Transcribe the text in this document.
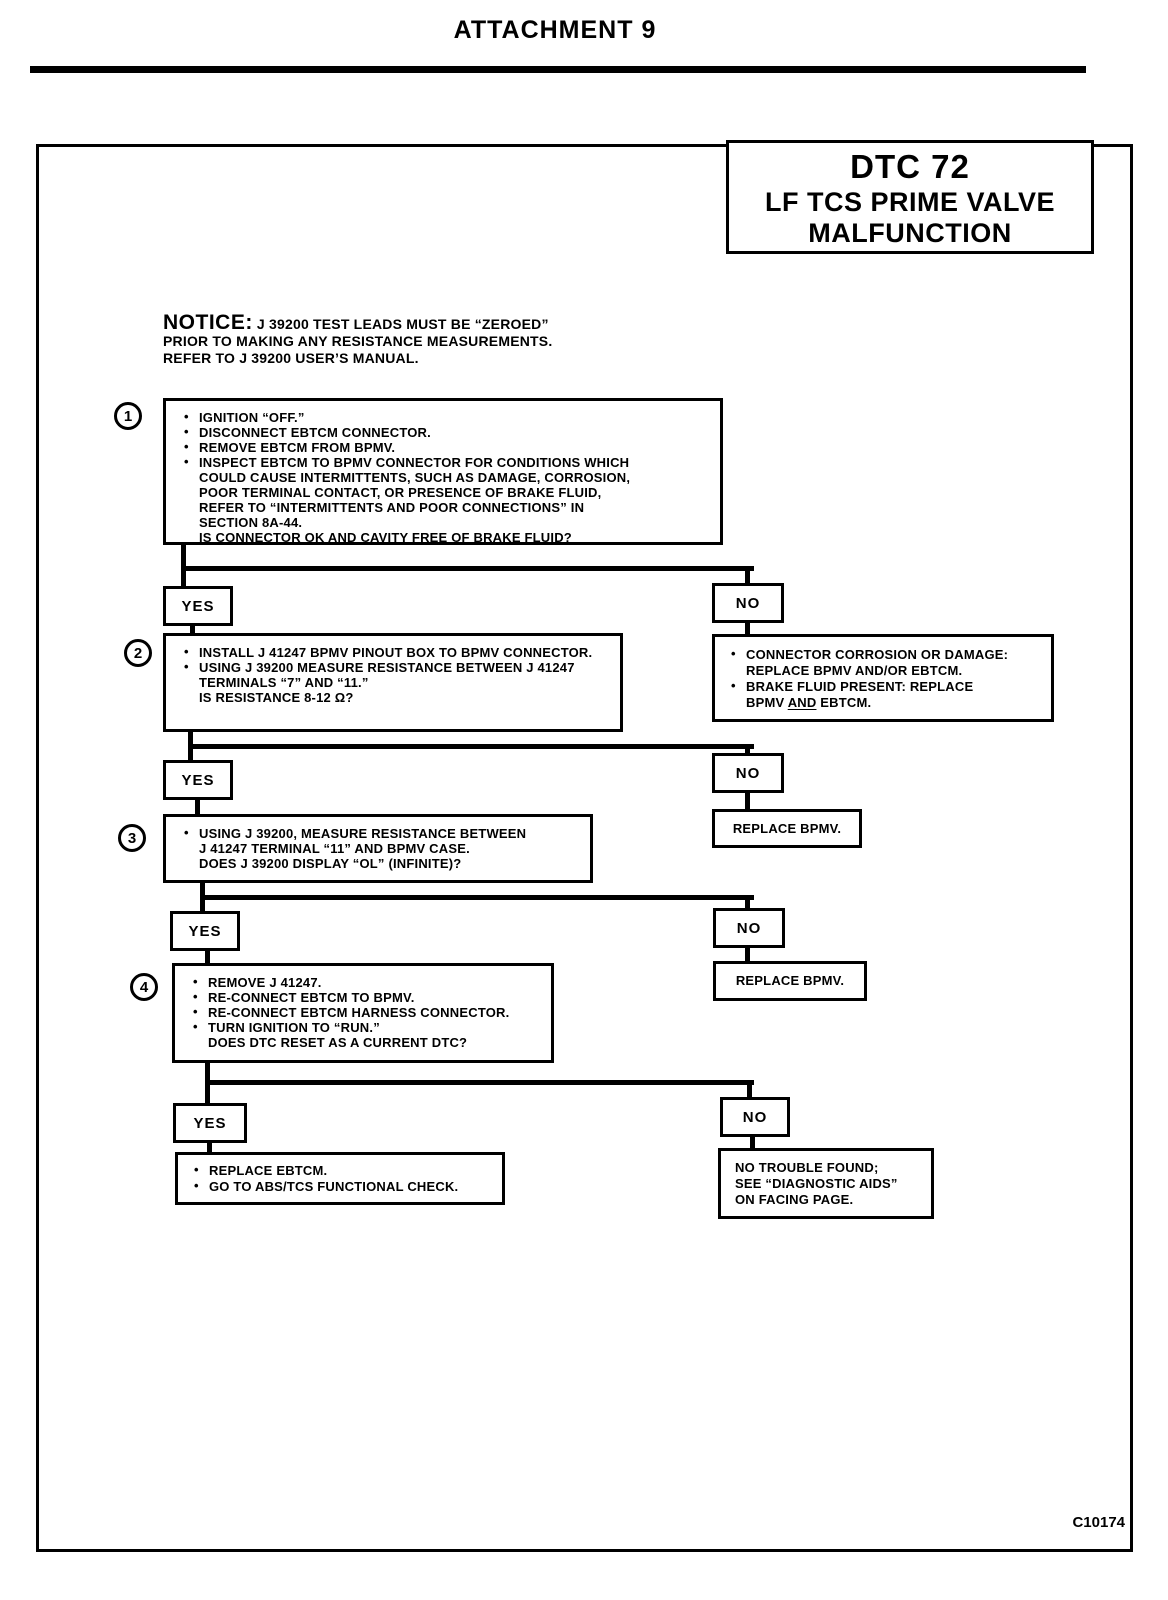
ATTACHMENT 9
DTC 72
LF TCS PRIME VALVE
MALFUNCTION
NOTICE: J 39200 TEST LEADS MUST BE “ZEROED”
PRIOR TO MAKING ANY RESISTANCE MEASUREMENTS.
REFER TO J 39200 USER’S MANUAL.
1	• IGNITION “OFF.”
• DISCONNECT EBTCM CONNECTOR.
• REMOVE EBTCM FROM BPMV.
• INSPECT EBTCM TO BPMV CONNECTOR FOR CONDITIONS WHICH COULD CAUSE INTERMITTENTS, SUCH AS DAMAGE, CORROSION, POOR TERMINAL CONTACT, OR PRESENCE OF BRAKE FLUID, REFER TO “INTERMITTENTS AND POOR CONNECTIONS” IN SECTION 8A-44.
IS CONNECTOR OK AND CAVITY FREE OF BRAKE FLUID?
YES	NO
2	• INSTALL J 41247 BPMV PINOUT BOX TO BPMV CONNECTOR.
• USING J 39200 MEASURE RESISTANCE BETWEEN J 41247 TERMINALS “7” AND “11.”
IS RESISTANCE 8-12 Ω?
• CONNECTOR CORROSION OR DAMAGE:
REPLACE BPMV AND/OR EBTCM.
• BRAKE FLUID PRESENT: REPLACE
BPMV AND EBTCM.
YES	NO
REPLACE BPMV.
3	• USING J 39200, MEASURE RESISTANCE BETWEEN J 41247 TERMINAL “11” AND BPMV CASE.
DOES J 39200 DISPLAY “OL” (INFINITE)?
YES	NO
REPLACE BPMV.
4	• REMOVE J 41247.
• RE-CONNECT EBTCM TO BPMV.
• RE-CONNECT EBTCM HARNESS CONNECTOR.
• TURN IGNITION TO “RUN.”
DOES DTC RESET AS A CURRENT DTC?
YES	NO
• REPLACE EBTCM.
• GO TO ABS/TCS FUNCTIONAL CHECK.
NO TROUBLE FOUND;
SEE “DIAGNOSTIC AIDS”
ON FACING PAGE.
C10174
